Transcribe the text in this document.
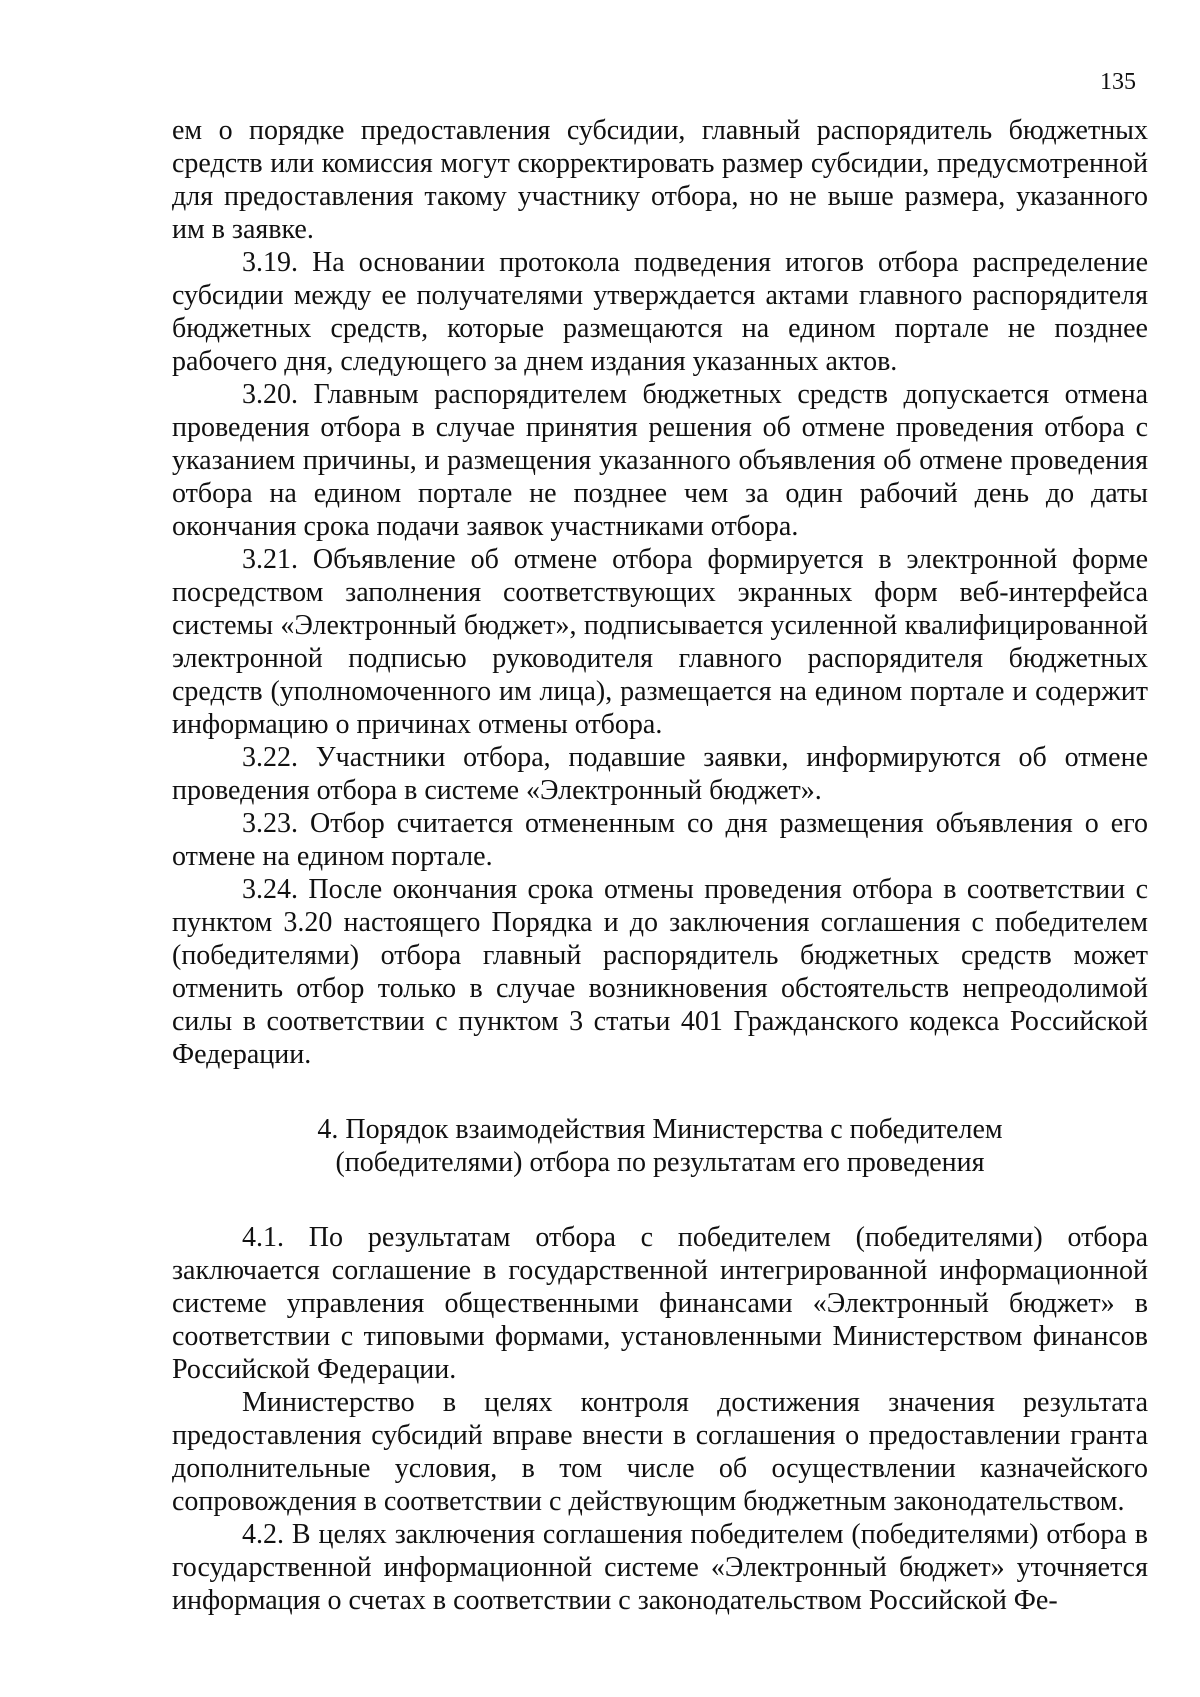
135

ем о порядке предоставления субсидии, главный распорядитель бюджетных средств или комиссия могут скорректировать размер субсидии, предусмотренной для предоставления такому участнику отбора, но не выше размера, указанного им в заявке.

3.19. На основании протокола подведения итогов отбора распределение субсидии между ее получателями утверждается актами главного распорядителя бюджетных средств, которые размещаются на едином портале не позднее рабочего дня, следующего за днем издания указанных актов.

3.20. Главным распорядителем бюджетных средств допускается отмена проведения отбора в случае принятия решения об отмене проведения отбора с указанием причины, и размещения указанного объявления об отмене проведения отбора на едином портале не позднее чем за один рабочий день до даты окончания срока подачи заявок участниками отбора.

3.21. Объявление об отмене отбора формируется в электронной форме посредством заполнения соответствующих экранных форм веб-интерфейса системы «Электронный бюджет», подписывается усиленной квалифицированной электронной подписью руководителя главного распорядителя бюджетных средств (уполномоченного им лица), размещается на едином портале и содержит информацию о причинах отмены отбора.

3.22. Участники отбора, подавшие заявки, информируются об отмене проведения отбора в системе «Электронный бюджет».

3.23. Отбор считается отмененным со дня размещения объявления о его отмене на едином портале.

3.24. После окончания срока отмены проведения отбора в соответствии с пунктом 3.20 настоящего Порядка и до заключения соглашения с победителем (победителями) отбора главный распорядитель бюджетных средств может отменить отбор только в случае возникновения обстоятельств непреодолимой силы в соответствии с пунктом 3 статьи 401 Гражданского кодекса Российской Федерации.

4. Порядок взаимодействия Министерства с победителем
(победителями) отбора по результатам его проведения

4.1. По результатам отбора с победителем (победителями) отбора заключается соглашение в государственной интегрированной информационной системе управления общественными финансами «Электронный бюджет» в соответствии с типовыми формами, установленными Министерством финансов Российской Федерации.

Министерство в целях контроля достижения значения результата предоставления субсидий вправе внести в соглашения о предоставлении гранта дополнительные условия, в том числе об осуществлении казначейского сопровождения в соответствии с действующим бюджетным законодательством.

4.2. В целях заключения соглашения победителем (победителями) отбора в государственной информационной системе «Электронный бюджет» уточняется информация о счетах в соответствии с законодательством Российской Фе-
